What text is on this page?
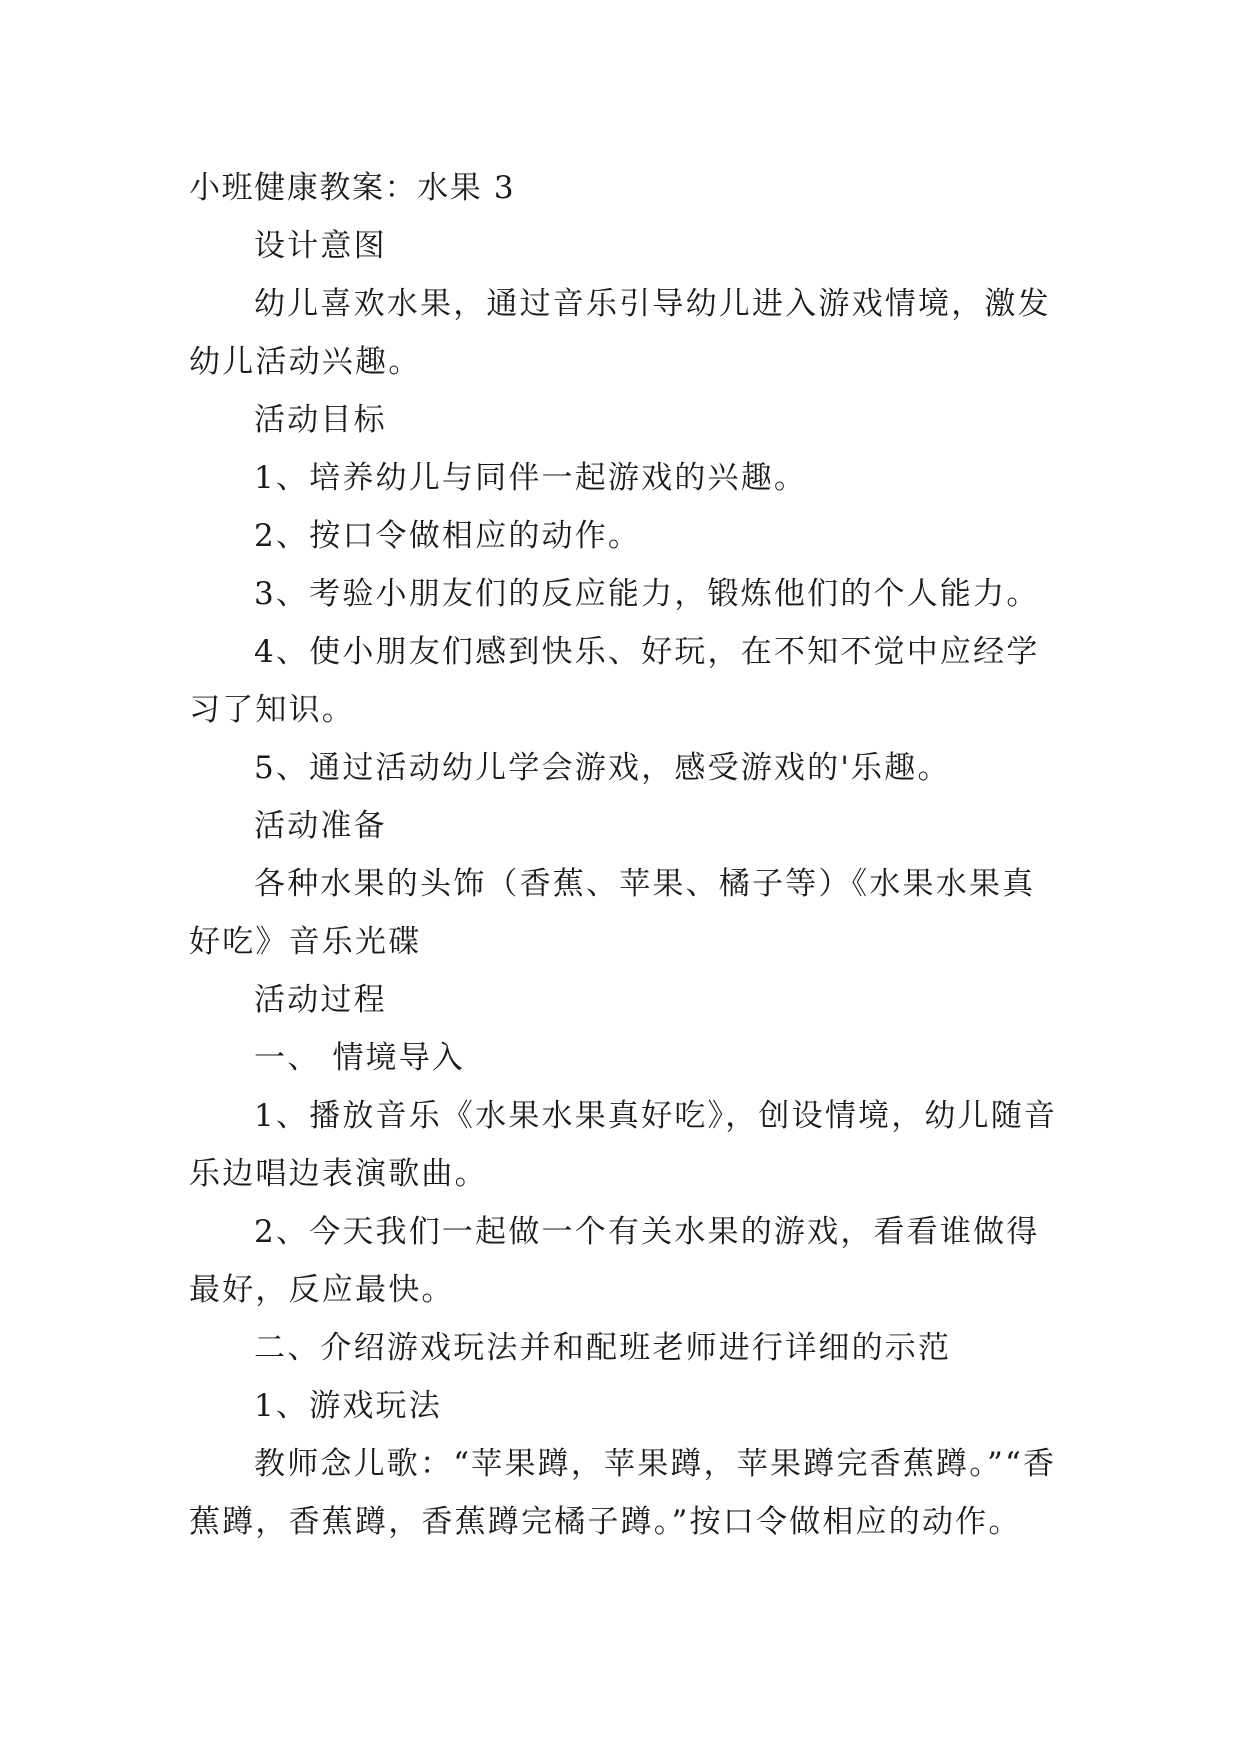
小班健康教案：水果 3
设计意图
幼儿喜欢水果，通过音乐引导幼儿进入游戏情境，激发
幼儿活动兴趣。
活动目标
1、培养幼儿与同伴一起游戏的兴趣。
2、按口令做相应的动作。
3、考验小朋友们的反应能力，锻炼他们的个人能力。
4、使小朋友们感到快乐、好玩，在不知不觉中应经学
习了知识。
5、通过活动幼儿学会游戏，感受游戏的'乐趣。
活动准备
各种水果的头饰（香蕉、苹果、橘子等）《水果水果真
好吃》音乐光碟
活动过程
一、 情境导入
1、播放音乐《水果水果真好吃》，创设情境，幼儿随音
乐边唱边表演歌曲。
2、今天我们一起做一个有关水果的游戏，看看谁做得
最好，反应最快。
二、介绍游戏玩法并和配班老师进行详细的示范
1、游戏玩法
教师念儿歌：“苹果蹲，苹果蹲，苹果蹲完香蕉蹲。”“香
蕉蹲，香蕉蹲，香蕉蹲完橘子蹲。”按口令做相应的动作。
